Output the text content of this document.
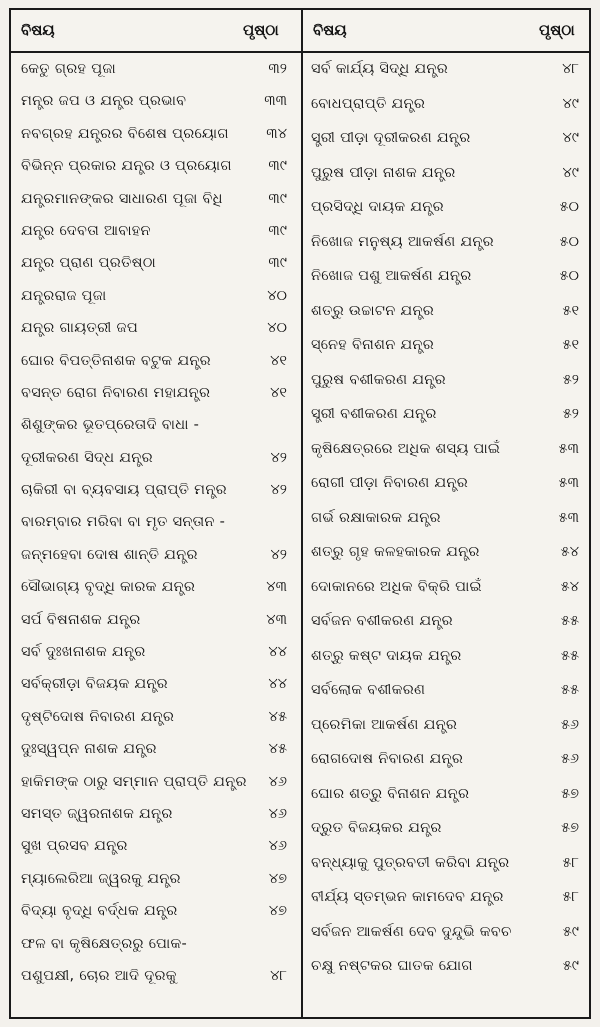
ବିଷୟ	ପୃଷ୍ଠା ବିଷୟ	ପୃଷ୍ଠା
କେତୁ ଗ୍ରହ ପୂଜା	୩୨
ମନ୍ତ୍ର ଜପ ଓ ଯନ୍ତ୍ର ପ୍ରଭାବ	୩୩
ନବଗ୍ରହ ଯନ୍ତ୍ରର ବିଶେଷ ପ୍ରୟୋଗ	୩୪
ବିଭିନ୍ନ ପ୍ରକାର ଯନ୍ତ୍ର ଓ ପ୍ରୟୋଗ	୩୯
ଯନ୍ତ୍ରମାନଙ୍କର ସାଧାରଣ ପୂଜା ବିଧି	୩୯
ଯନ୍ତ୍ର ଦେବତା ଆବାହନ	୩୯
ଯନ୍ତ୍ର ପ୍ରାଣ ପ୍ରତିଷ୍ଠା	୩୯
ଯନ୍ତ୍ରରାଜ ପୂଜା	୪୦
ଯନ୍ତ୍ର ଗାୟତ୍ରୀ ଜପ	୪୦
ଘୋର ବିପତ୍ତିନାଶକ ବଟୁକ ଯନ୍ତ୍ର	୪୧
ବସନ୍ତ ରୋଗ ନିବାରଣ ମହାଯନ୍ତ୍ର	୪୧
ଶିଶୁଙ୍କର ଭୂତପ୍ରେତାଦି ବାଧା -
ଦୂରୀକରଣ ସିଦ୍ଧ ଯନ୍ତ୍ର	୪୨
ଚାକିରୀ ବା ବ୍ୟବସାୟ ପ୍ରାପ୍ତି ମନ୍ତ୍ର	୪୨
ବାରମ୍ବାର ମରିବା ବା ମୃତ ସନ୍ତାନ -
ଜନ୍ମହେବା ଦୋଷ ଶାନ୍ତି ଯନ୍ତ୍ର	୪୨
ସୌଭାଗ୍ୟ ବୃଦ୍ଧି କାରକ ଯନ୍ତ୍ର	୪୩
ସର୍ପ ବିଷନାଶକ ଯନ୍ତ୍ର	୪୩
ସର୍ବ ଦୁଃଖନାଶକ ଯନ୍ତ୍ର	୪୪
ସର୍ବକ୍ରୀଡ଼ା ବିଜୟକ ଯନ୍ତ୍ର	୪୪
ଦୃଷ୍ଟିଦୋଷ ନିବାରଣ ଯନ୍ତ୍ର	୪୫
ଦୁଃସ୍ୱପ୍ନ ନାଶକ ଯନ୍ତ୍ର	୪୫
ହାକିମଙ୍କ ଠାରୁ ସମ୍ମାନ ପ୍ରାପ୍ତି ଯନ୍ତ୍ର ୪୬
ସମସ୍ତ ଜ୍ୱରନାଶକ ଯନ୍ତ୍ର	୪୬
ସୁଖ ପ୍ରସବ ଯନ୍ତ୍ର	୪୬
ମ୍ୟାଲେରିଆ ଜ୍ୱରକୁ ଯନ୍ତ୍ର	୪୭
ବିଦ୍ୟା ବୃଦ୍ଧି ବର୍ଦ୍ଧକ ଯନ୍ତ୍ର	୪୭
ଫଳ ବା କୃଷିକ୍ଷେତ୍ରରୁ ପୋକ-
ପଶୁପକ୍ଷୀ, ଚୋର ଆଦି ଦୂରକୁ	୪୮
ସର୍ବ କାର୍ଯ୍ୟ ସିଦ୍ଧି ଯନ୍ତ୍ର	୪୮
ବୋଧପ୍ରାପ୍ତି ଯନ୍ତ୍ର	୪୯
ସ୍ତ୍ରୀ ପୀଡ଼ା ଦୂରୀକରଣ ଯନ୍ତ୍ର	୪୯
ପୁରୁଷ ପୀଡ଼ା ନାଶକ ଯନ୍ତ୍ର	୪୯
ପ୍ରସିଦ୍ଧି ଦାୟକ ଯନ୍ତ୍ର	୫୦
ନିଖୋଜ ମନୁଷ୍ୟ ଆକର୍ଷଣ ଯନ୍ତ୍ର	୫୦
ନିଖୋଜ ପଶୁ ଆକର୍ଷଣ ଯନ୍ତ୍ର	୫୦
ଶତ୍ରୁ ଉଚ୍ଚାଟନ ଯନ୍ତ୍ର	୫୧
ସ୍ନେହ ବିନାଶନ ଯନ୍ତ୍ର	୫୧
ପୁରୁଷ ବଶୀକରଣ ଯନ୍ତ୍ର	୫୨
ସ୍ତ୍ରୀ ବଶୀକରଣ ଯନ୍ତ୍ର	୫୨
କୃଷିକ୍ଷେତ୍ରରେ ଅଧିକ ଶସ୍ୟ ପାଇଁ	୫୩
ରୋଗୀ ପୀଡ଼ା ନିବାରଣ ଯନ୍ତ୍ର	୫୩
ଗର୍ଭ ରକ୍ଷାକାରକ ଯନ୍ତ୍ର	୫୩
ଶତ୍ରୁ ଗୃହ କଳହକାରକ ଯନ୍ତ୍ର	୫୪
ଦୋକାନରେ ଅଧିକ ବିକ୍ରି ପାଇଁ	୫୪
ସର୍ବଜନ ବଶୀକରଣ ଯନ୍ତ୍ର	୫୫
ଶତ୍ରୁ କଷ୍ଟ ଦାୟକ ଯନ୍ତ୍ର	୫୫
ସର୍ବଲୋକ ବଶୀକରଣ	୫୫
ପ୍ରେମିକା ଆକର୍ଷଣ ଯନ୍ତ୍ର	୫୬
ରୋଗଦୋଷ ନିବାରଣ ଯନ୍ତ୍ର	୫୬
ଘୋର ଶତ୍ରୁ ବିନାଶନ ଯନ୍ତ୍ର	୫୭
ଦ୍ରୁତ ବିଜୟକର ଯନ୍ତ୍ର	୫୭
ବନ୍ଧ୍ୟାକୁ ପୁତ୍ରବତୀ କରିବା ଯନ୍ତ୍ର	୫୮
ବୀର୍ଯ୍ୟ ସ୍ତମ୍ଭନ କାମଦେବ ଯନ୍ତ୍ର	୫୮
ସର୍ବଜନ ଆକର୍ଷଣ ଦେବ ଦୁନ୍ଦୁଭି କବଚ	୫୯
ଚକ୍ଷୁ ନଷ୍ଟକର ଘାତକ ଯୋଗ	୫୯
